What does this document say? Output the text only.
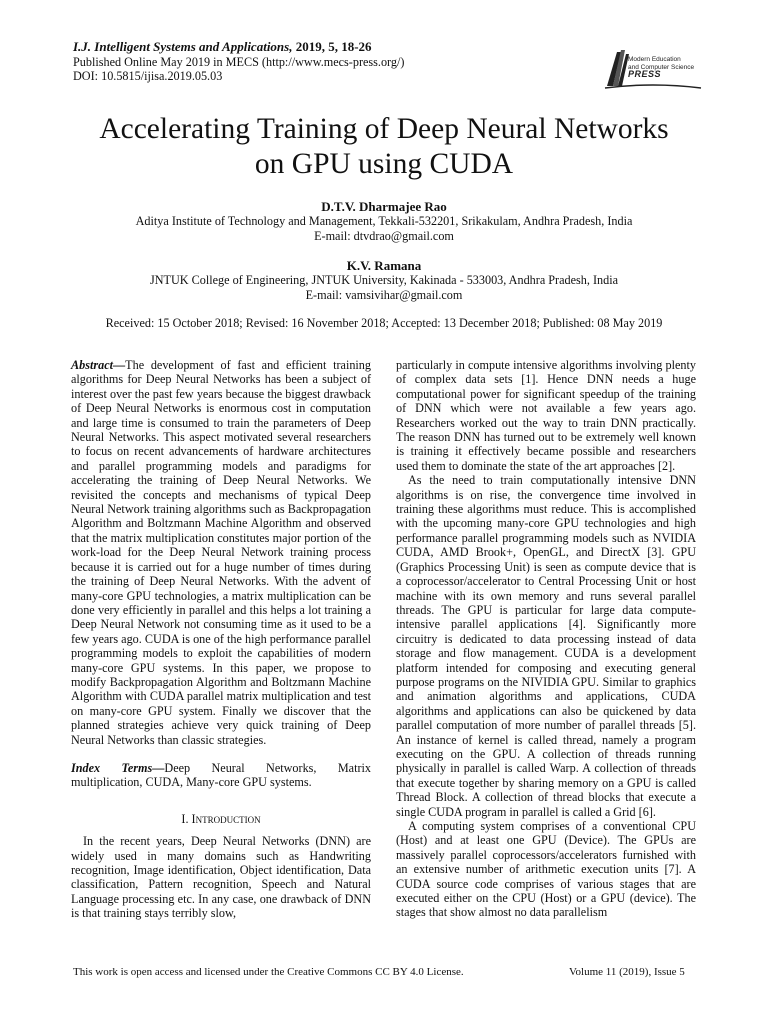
I.J. Intelligent Systems and Applications, 2019, 5, 18-26
Published Online May 2019 in MECS (http://www.mecs-press.org/)
DOI: 10.5815/ijisa.2019.05.03
Modern Education
and Computer Science
PRESS
Accelerating Training of Deep Neural Networks
on GPU using CUDA
D.T.V. Dharmajee Rao
Aditya Institute of Technology and Management, Tekkali-532201, Srikakulam, Andhra Pradesh, India
E-mail: dtvdrao@gmail.com
K.V. Ramana
JNTUK College of Engineering, JNTUK University, Kakinada - 533003, Andhra Pradesh, India
E-mail: vamsivihar@gmail.com
Received: 15 October 2018; Revised: 16 November 2018; Accepted: 13 December 2018; Published: 08 May 2019

Abstract—The development of fast and efficient training algorithms for Deep Neural Networks has been a subject of interest over the past few years because the biggest drawback of Deep Neural Networks is enormous cost in computation and large time is consumed to train the parameters of Deep Neural Networks. This aspect motivated several researchers to focus on recent advancements of hardware architectures and parallel programming models and paradigms for accelerating the training of Deep Neural Networks. We revisited the concepts and mechanisms of typical Deep Neural Network training algorithms such as Backpropagation Algorithm and Boltzmann Machine Algorithm and observed that the matrix multiplication constitutes major portion of the work-load for the Deep Neural Network training process because it is carried out for a huge number of times during the training of Deep Neural Networks. With the advent of many-core GPU technologies, a matrix multiplication can be done very efficiently in parallel and this helps a lot training a Deep Neural Network not consuming time as it used to be a few years ago. CUDA is one of the high performance parallel programming models to exploit the capabilities of modern many-core GPU systems. In this paper, we propose to modify Backpropagation Algorithm and Boltzmann Machine Algorithm with CUDA parallel matrix multiplication and test on many-core GPU system. Finally we discover that the planned strategies achieve very quick training of Deep Neural Networks than classic strategies.

Index Terms—Deep Neural Networks, Matrix multiplication, CUDA, Many-core GPU systems.

I. Introduction

In the recent years, Deep Neural Networks (DNN) are widely used in many domains such as Handwriting recognition, Image identification, Object identification, Data classification, Pattern recognition, Speech and Natural Language processing etc. In any case, one drawback of DNN is that training stays terribly slow,

particularly in compute intensive algorithms involving plenty of complex data sets [1]. Hence DNN needs a huge computational power for significant speedup of the training of DNN which were not available a few years ago. Researchers worked out the way to train DNN practically. The reason DNN has turned out to be extremely well known is training it effectively became possible and researchers used them to dominate the state of the art approaches [2].

As the need to train computationally intensive DNN algorithms is on rise, the convergence time involved in training these algorithms must reduce. This is accomplished with the upcoming many-core GPU technologies and high performance parallel programming models such as NVIDIA CUDA, AMD Brook+, OpenGL, and DirectX [3]. GPU (Graphics Processing Unit) is seen as compute device that is a coprocessor/accelerator to Central Processing Unit or host machine with its own memory and runs several parallel threads. The GPU is particular for large data compute-intensive parallel applications [4]. Significantly more circuitry is dedicated to data processing instead of data storage and flow management. CUDA is a development platform intended for composing and executing general purpose programs on the NIVIDIA GPU. Similar to graphics and animation algorithms and applications, CUDA algorithms and applications can also be quickened by data parallel computation of more number of parallel threads [5]. An instance of kernel is called thread, namely a program executing on the GPU. A collection of threads running physically in parallel is called Warp. A collection of threads that execute together by sharing memory on a GPU is called Thread Block. A collection of thread blocks that execute a single CUDA program in parallel is called a Grid [6].

A computing system comprises of a conventional CPU (Host) and at least one GPU (Device). The GPUs are massively parallel coprocessors/accelerators furnished with an extensive number of arithmetic execution units [7]. A CUDA source code comprises of various stages that are executed either on the CPU (Host) or a GPU (device). The stages that show almost no data parallelism

This work is open access and licensed under the Creative Commons CC BY 4.0 License.	Volume 11 (2019), Issue 5
